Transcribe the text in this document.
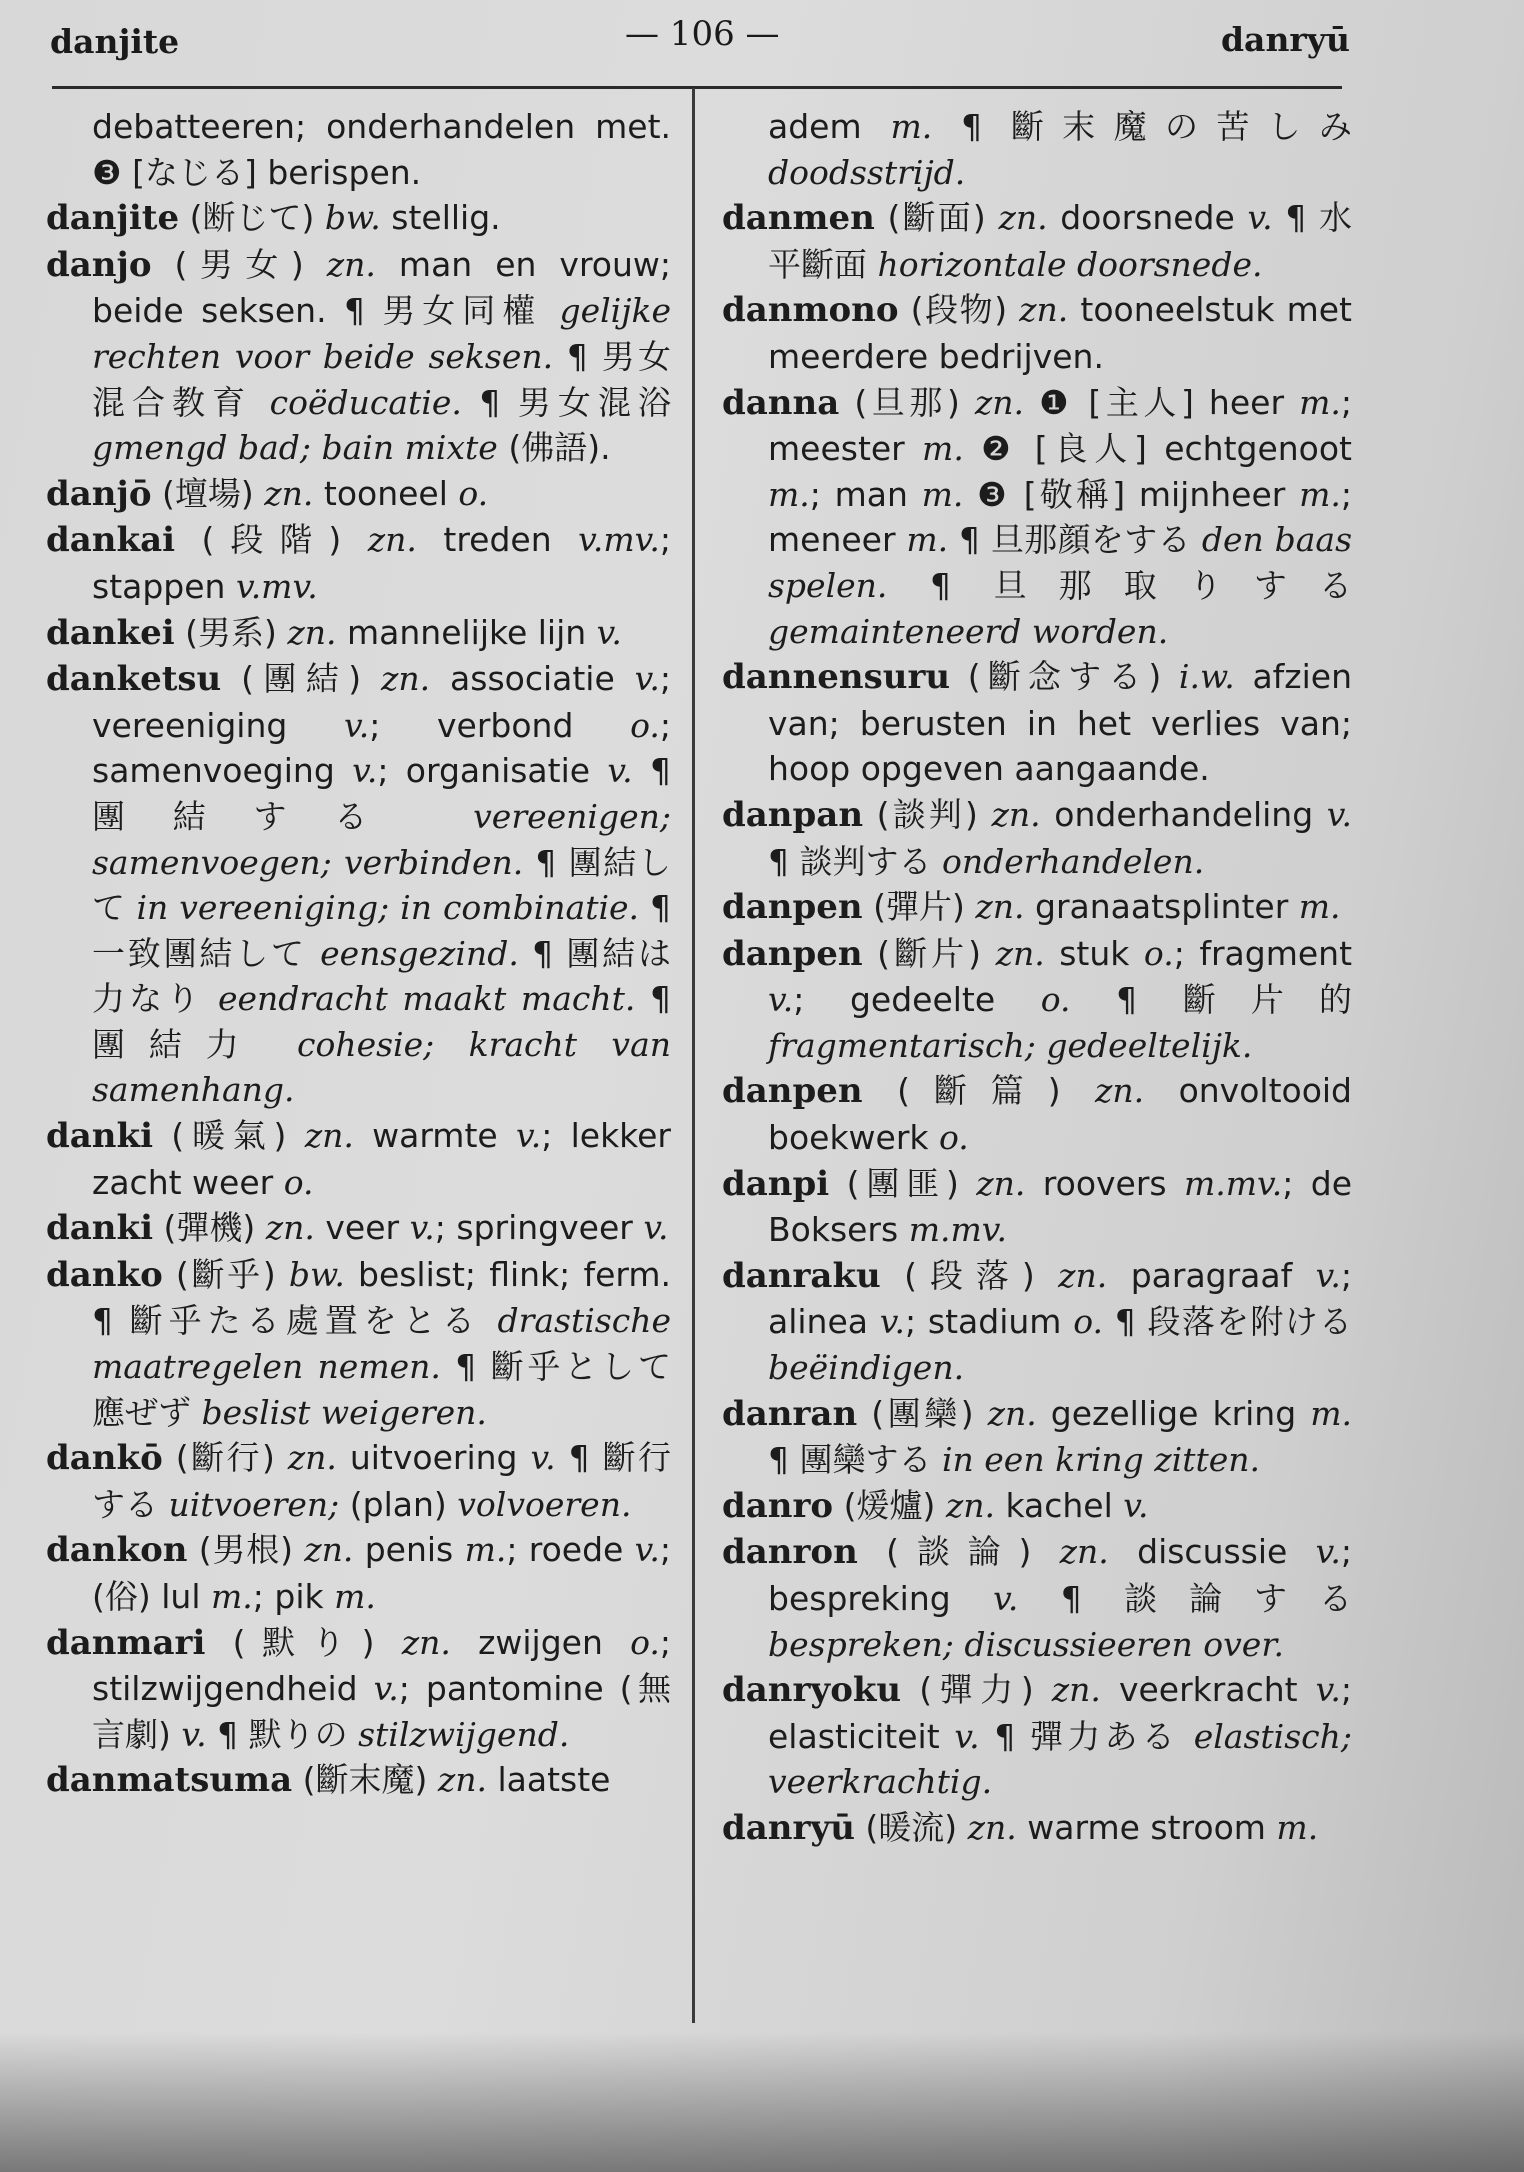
danjite	— 106 —	danryū

debatteeren; onderhandelen met. ❸ [なじる] berispen.

danjite (断じて) bw. stellig.

danjo (男女) zn. man en vrouw; beide seksen. ¶ 男女同權 gelijke rechten voor beide seksen. ¶ 男女混合教育 coëducatie. ¶ 男女混浴 gmengd bad; bain mixte (佛語).

danjō (壇場) zn. tooneel o.

dankai (段階) zn. treden v.mv.; stappen v.mv.

dankei (男系) zn. mannelijke lijn v.

danketsu (團結) zn. associatie v.; vereeniging v.; verbond o.; samenvoeging v.; organisatie v. ¶ 團結する vereenigen; samenvoegen; verbinden. ¶ 團結して in vereeniging; in combinatie. ¶ 一致團結して eensgezind. ¶ 團結は力なり eendracht maakt macht. ¶ 團結力 cohesie; kracht van samenhang.

danki (暖氣) zn. warmte v.; lekker zacht weer o.

danki (彈機) zn. veer v.; springveer v.

danko (斷乎) bw. beslist; flink; ferm. ¶ 斷乎たる處置をとる drastische maatregelen nemen. ¶ 斷乎として應ぜず beslist weigeren.

dankō (斷行) zn. uitvoering v. ¶ 斷行する uitvoeren; (plan) volvoeren.

dankon (男根) zn. penis m.; roede v.; (俗) lul m.; pik m.

danmari (默り) zn. zwijgen o.; stilzwijgendheid v.; pantomine (無言劇) v. ¶ 默りの stilzwijgend.

danmatsuma (斷末魔) zn. laatste

adem m. ¶ 斷末魔の苦しみ doodsstrijd.

danmen (斷面) zn. doorsnede v. ¶ 水平斷面 horizontale doorsnede.

danmono (段物) zn. tooneelstuk met meerdere bedrijven.

danna (旦那) zn. ❶ [主人] heer m.; meester m. ❷ [良人] echtgenoot m.; man m. ❸ [敬稱] mijnheer m.; meneer m. ¶ 旦那顔をする den baas spelen. ¶ 旦那取りする gemainteneerd worden.

dannensuru (斷念する) i.w. afzien van; berusten in het verlies van; hoop opgeven aangaande.

danpan (談判) zn. onderhandeling v. ¶ 談判する onderhandelen.

danpen (彈片) zn. granaatsplinter m.

danpen (斷片) zn. stuk o.; fragment v.; gedeelte o. ¶ 斷片的 fragmentarisch; gedeeltelijk.

danpen (斷篇) zn. onvoltooid boekwerk o.

danpi (團匪) zn. roovers m.mv.; de Boksers m.mv.

danraku (段落) zn. paragraaf v.; alinea v.; stadium o. ¶ 段落を附ける beëindigen.

danran (團欒) zn. gezellige kring m. ¶ 團欒する in een kring zitten.

danro (煖爐) zn. kachel v.

danron (談論) zn. discussie v.; bespreking v. ¶ 談論する bespreken; discussieeren over.

danryoku (彈力) zn. veerkracht v.; elasticiteit v. ¶ 彈力ある elastisch; veerkrachtig.

danryū (暖流) zn. warme stroom m.
